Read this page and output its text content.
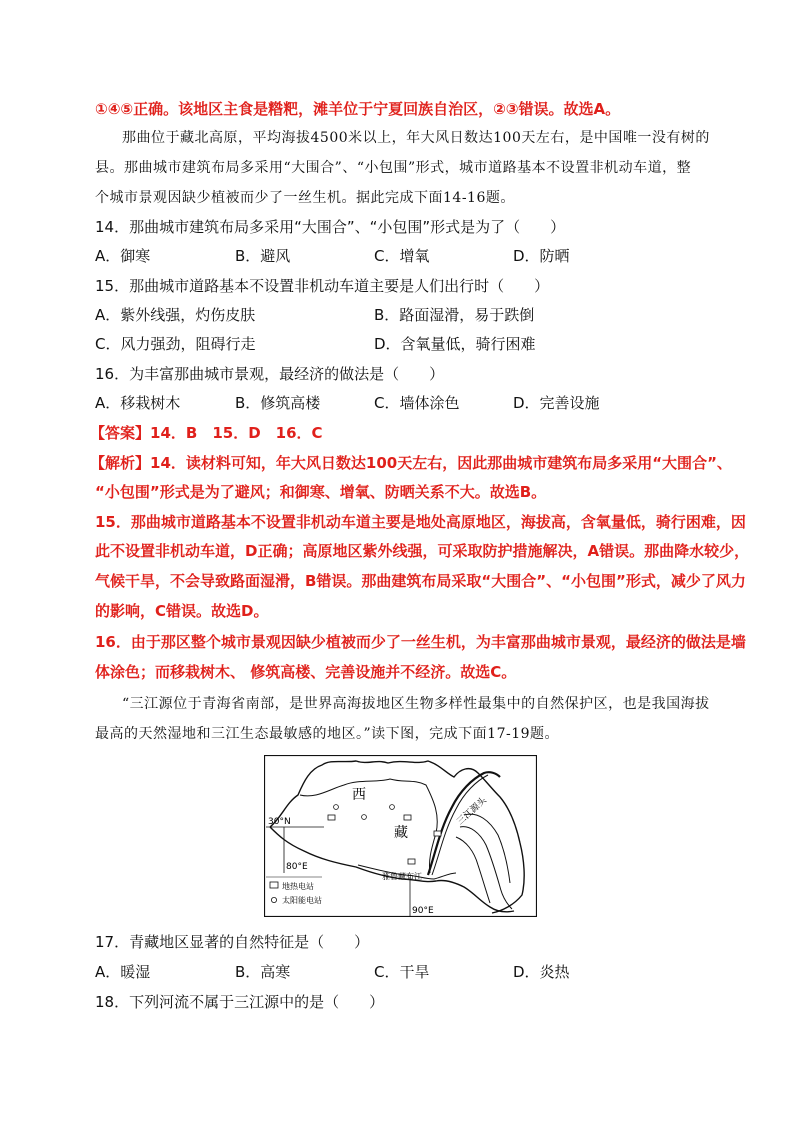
①④⑤正确。该地区主食是糌粑，滩羊位于宁夏回族自治区，②③错误。故选A。
那曲位于藏北高原，平均海拔4500米以上，年大风日数达100天左右，是中国唯一没有树的
县。那曲城市建筑布局多采用“大围合”、“小包围”形式，城市道路基本不设置非机动车道，整
个城市景观因缺少植被而少了一丝生机。据此完成下面14-16题。
14．那曲城市建筑布局多采用“大围合”、“小包围”形式是为了（　　）
A．御寒	B．避风	C．增氧	D．防晒
15．那曲城市道路基本不设置非机动车道主要是人们出行时（　　）
A．紫外线强，灼伤皮肤	B．路面湿滑，易于跌倒
C．风力强劲，阻碍行走	D．含氧量低，骑行困难
16．为丰富那曲城市景观，最经济的做法是（　　）
A．移栽树木	B．修筑高楼	C．墙体涂色	D．完善设施
【答案】14．B　15．D　16．C
【解析】14．读材料可知，年大风日数达100天左右，因此那曲城市建筑布局多采用“大围合”、
“小包围”形式是为了避风；和御寒、增氧、防晒关系不大。故选B。
15．那曲城市道路基本不设置非机动车道主要是地处高原地区，海拔高，含氧量低，骑行困难，因
此不设置非机动车道，D正确；高原地区紫外线强，可采取防护措施解决，A错误。那曲降水较少，
气候干旱，不会导致路面湿滑，B错误。那曲建筑布局采取“大围合”、“小包围”形式，减少了风力
的影响，C错误。故选D。
16．由于那区整个城市景观因缺少植被而少了一丝生机，为丰富那曲城市景观，最经济的做法是墙
体涂色；而移栽树木、 修筑高楼、完善设施并不经济。故选C。
“三江源位于青海省南部，是世界高海拔地区生物多样性最集中的自然保护区，也是我国海拔
最高的天然湿地和三江生态最敏感的地区。”读下图，完成下面17-19题。
西
藏
三江源头
30°N
80°E
90°E
雅鲁藏布江
地热电站
太阳能电站
17．青藏地区显著的自然特征是（　　）
A．暖湿	B．高寒	C．干旱	D．炎热
18．下列河流不属于三江源中的是（　　）
